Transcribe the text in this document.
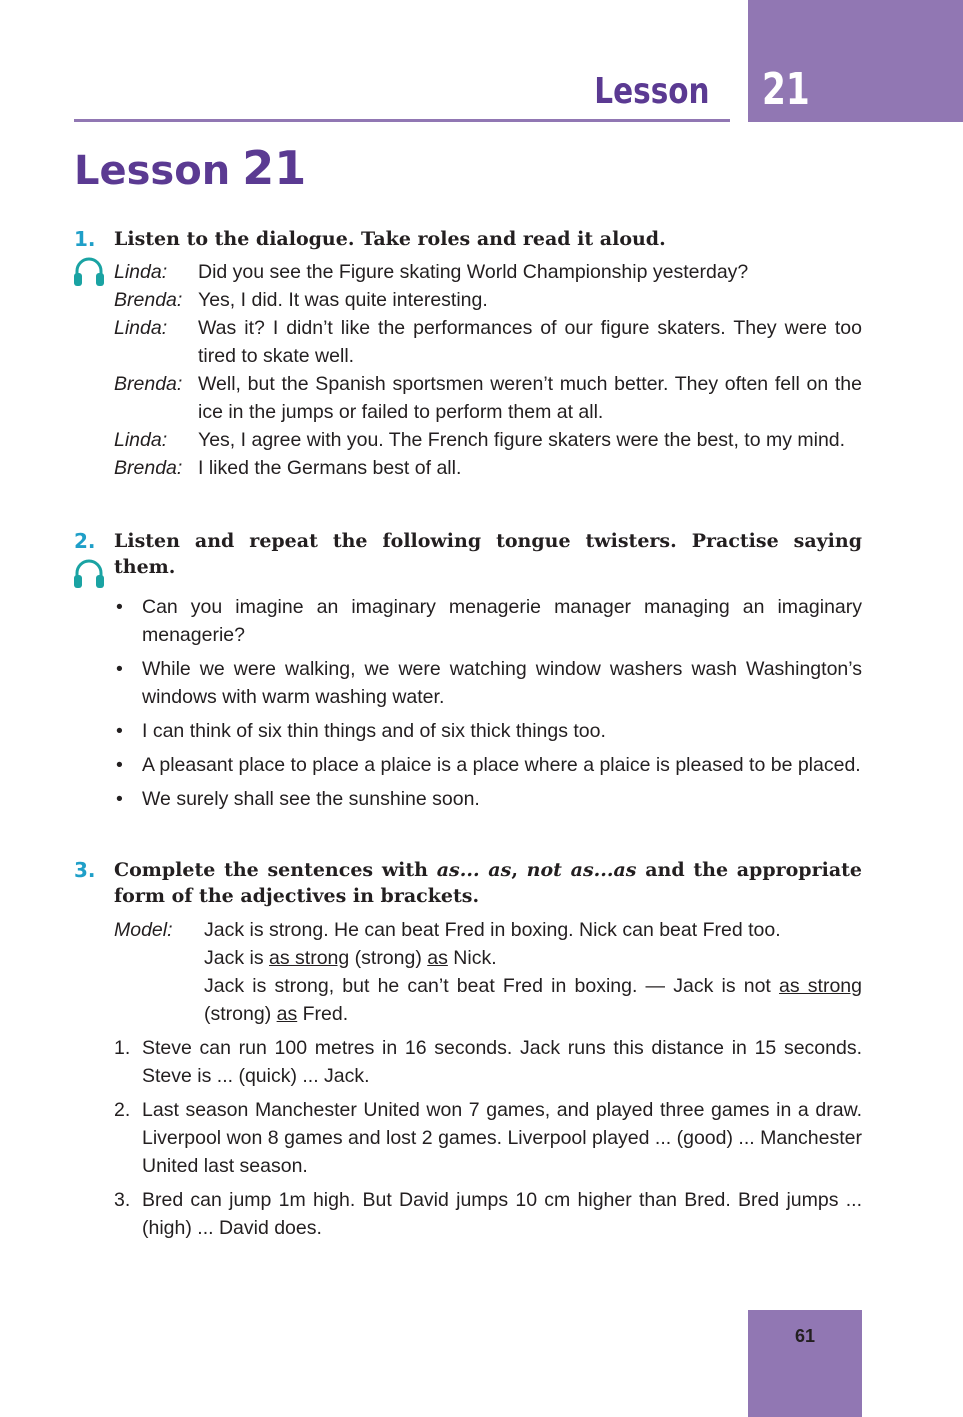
21
Lesson
Lesson 21
1. Listen to the dialogue. Take roles and read it aloud.
Linda:	Did you see the Figure skating World Championship yesterday?
Brenda: Yes, I did. It was quite interesting.
Linda:	Was it? I didn’t like the performances of our figure skaters. They were too tired to skate well.
Brenda: Well, but the Spanish sportsmen weren’t much better. They often fell on the ice in the jumps or failed to perform them at all.
Linda:	Yes, I agree with you. The French figure skaters were the best, to my mind.
Brenda: I liked the Germans best of all.
2. Listen and repeat the following tongue twisters. Practise saying them.
• Can you imagine an imaginary menagerie manager managing an imaginary menagerie?
• While we were walking, we were watching window washers wash Washington’s windows with warm washing water.
• I can think of six thin things and of six thick things too.
• A pleasant place to place a plaice is a place where a plaice is pleased to be placed.
• We surely shall see the sunshine soon.
3. Complete the sentences with as... as, not as...as and the appropriate form of the adjectives in brackets.
Model:	Jack is strong. He can beat Fred in boxing. Nick can beat Fred too.
Jack is as strong (strong) as Nick.
Jack is strong, but he can’t beat Fred in boxing. — Jack is not as strong (strong) as Fred.
1. Steve can run 100 metres in 16 seconds. Jack runs this distance in 15 seconds. Steve is ... (quick) ... Jack.
2. Last season Manchester United won 7 games, and played three games in a draw. Liverpool won 8 games and lost 2 games. Liverpool played ... (good) ... Manchester United last season.
3. Bred can jump 1m high. But David jumps 10 cm higher than Bred. Bred jumps ... (high) ... David does.
61
